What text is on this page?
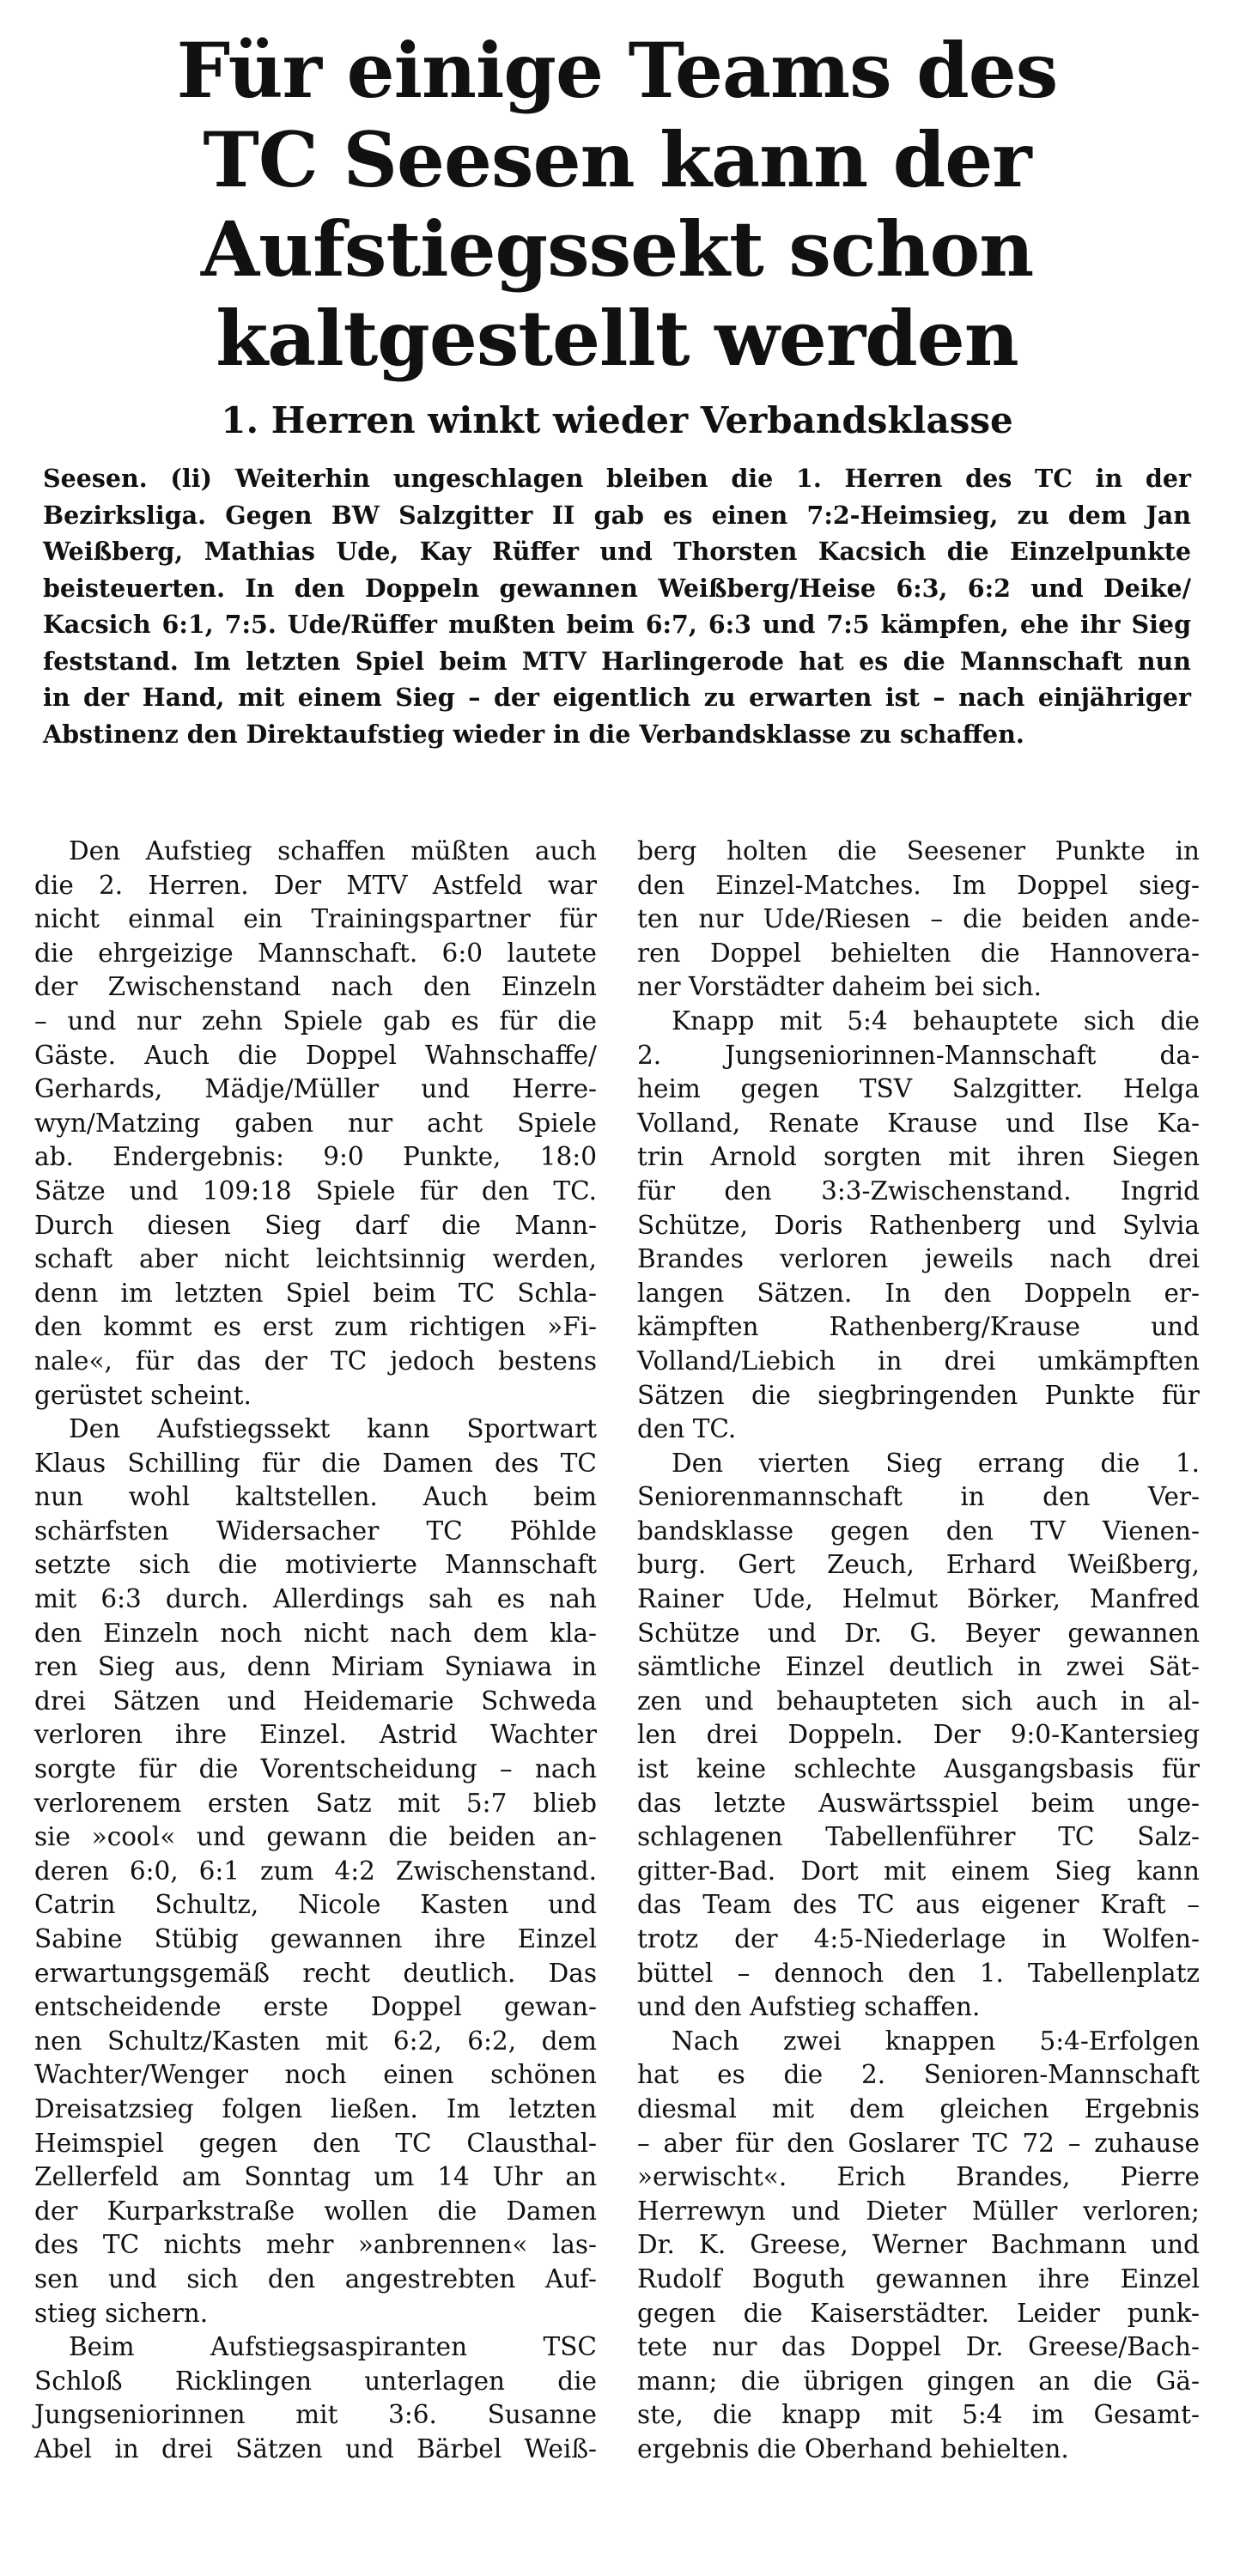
Für einige Teams des
TC Seesen kann der
Aufstiegssekt schon
kaltgestellt werden
1. Herren winkt wieder Verbandsklasse
Seesen. (li) Weiterhin ungeschlagen bleiben die 1. Herren des TC in der
Bezirksliga. Gegen BW Salzgitter II gab es einen 7:2-Heimsieg, zu dem Jan
Weißberg, Mathias Ude, Kay Rüffer und Thorsten Kacsich die Einzelpunkte
beisteuerten. In den Doppeln gewannen Weißberg/Heise 6:3, 6:2 und Deike/
Kacsich 6:1, 7:5. Ude/Rüffer mußten beim 6:7, 6:3 und 7:5 kämpfen, ehe ihr Sieg
feststand. Im letzten Spiel beim MTV Harlingerode hat es die Mannschaft nun
in der Hand, mit einem Sieg – der eigentlich zu erwarten ist – nach einjähriger
Abstinenz den Direktaufstieg wieder in die Verbandsklasse zu schaffen.
Den Aufstieg schaffen müßten auch
die 2. Herren. Der MTV Astfeld war
nicht einmal ein Trainingspartner für
die ehrgeizige Mannschaft. 6:0 lautete
der Zwischenstand nach den Einzeln
– und nur zehn Spiele gab es für die
Gäste. Auch die Doppel Wahnschaffe/
Gerhards, Mädje/Müller und Herre-
wyn/Matzing gaben nur acht Spiele
ab. Endergebnis: 9:0 Punkte, 18:0
Sätze und 109:18 Spiele für den TC.
Durch diesen Sieg darf die Mann-
schaft aber nicht leichtsinnig werden,
denn im letzten Spiel beim TC Schla-
den kommt es erst zum richtigen »Fi-
nale«, für das der TC jedoch bestens
gerüstet scheint.
Den Aufstiegssekt kann Sportwart
Klaus Schilling für die Damen des TC
nun wohl kaltstellen. Auch beim
schärfsten Widersacher TC Pöhlde
setzte sich die motivierte Mannschaft
mit 6:3 durch. Allerdings sah es nah
den Einzeln noch nicht nach dem kla-
ren Sieg aus, denn Miriam Syniawa in
drei Sätzen und Heidemarie Schweda
verloren ihre Einzel. Astrid Wachter
sorgte für die Vorentscheidung – nach
verlorenem ersten Satz mit 5:7 blieb
sie »cool« und gewann die beiden an-
deren 6:0, 6:1 zum 4:2 Zwischenstand.
Catrin Schultz, Nicole Kasten und
Sabine Stübig gewannen ihre Einzel
erwartungsgemäß recht deutlich. Das
entscheidende erste Doppel gewan-
nen Schultz/Kasten mit 6:2, 6:2, dem
Wachter/Wenger noch einen schönen
Dreisatzsieg folgen ließen. Im letzten
Heimspiel gegen den TC Clausthal-
Zellerfeld am Sonntag um 14 Uhr an
der Kurparkstraße wollen die Damen
des TC nichts mehr »anbrennen« las-
sen und sich den angestrebten Auf-
stieg sichern.
Beim Aufstiegsaspiranten TSC
Schloß Ricklingen unterlagen die
Jungseniorinnen mit 3:6. Susanne
Abel in drei Sätzen und Bärbel Weiß-
berg holten die Seesener Punkte in
den Einzel-Matches. Im Doppel sieg-
ten nur Ude/Riesen – die beiden ande-
ren Doppel behielten die Hannovera-
ner Vorstädter daheim bei sich.
Knapp mit 5:4 behauptete sich die
2. Jungseniorinnen-Mannschaft da-
heim gegen TSV Salzgitter. Helga
Volland, Renate Krause und Ilse Ka-
trin Arnold sorgten mit ihren Siegen
für den 3:3-Zwischenstand. Ingrid
Schütze, Doris Rathenberg und Sylvia
Brandes verloren jeweils nach drei
langen Sätzen. In den Doppeln er-
kämpften Rathenberg/Krause und
Volland/Liebich in drei umkämpften
Sätzen die siegbringenden Punkte für
den TC.
Den vierten Sieg errang die 1.
Seniorenmannschaft in den Ver-
bandsklasse gegen den TV Vienen-
burg. Gert Zeuch, Erhard Weißberg,
Rainer Ude, Helmut Börker, Manfred
Schütze und Dr. G. Beyer gewannen
sämtliche Einzel deutlich in zwei Sät-
zen und behaupteten sich auch in al-
len drei Doppeln. Der 9:0-Kantersieg
ist keine schlechte Ausgangsbasis für
das letzte Auswärtsspiel beim unge-
schlagenen Tabellenführer TC Salz-
gitter-Bad. Dort mit einem Sieg kann
das Team des TC aus eigener Kraft –
trotz der 4:5-Niederlage in Wolfen-
büttel – dennoch den 1. Tabellenplatz
und den Aufstieg schaffen.
Nach zwei knappen 5:4-Erfolgen
hat es die 2. Senioren-Mannschaft
diesmal mit dem gleichen Ergebnis
– aber für den Goslarer TC 72 – zuhause
»erwischt«. Erich Brandes, Pierre
Herrewyn und Dieter Müller verloren;
Dr. K. Greese, Werner Bachmann und
Rudolf Boguth gewannen ihre Einzel
gegen die Kaiserstädter. Leider punk-
tete nur das Doppel Dr. Greese/Bach-
mann; die übrigen gingen an die Gä-
ste, die knapp mit 5:4 im Gesamt-
ergebnis die Oberhand behielten.
